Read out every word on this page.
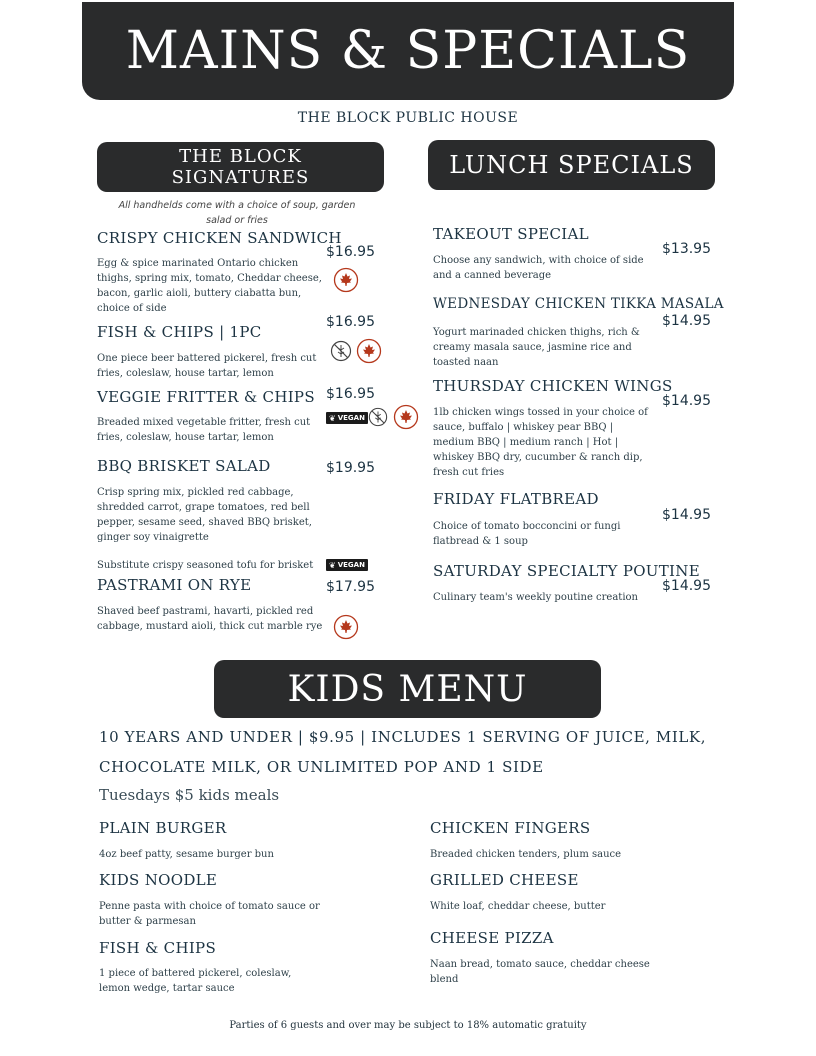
MAINS & SPECIALS
THE BLOCK PUBLIC HOUSE
THE BLOCK
SIGNATURES
All handhelds come with a choice of soup, garden salad or fries
LUNCH SPECIALS
CRISPY CHICKEN SANDWICH
$16.95
Egg & spice marinated Ontario chicken thighs, spring mix, tomato, Cheddar cheese, bacon, garlic aioli, buttery ciabatta bun, choice of side
FISH & CHIPS | 1PC
$16.95
One piece beer battered pickerel, fresh cut fries, coleslaw, house tartar, lemon
VEGGIE FRITTER & CHIPS $16.95
Breaded mixed vegetable fritter, fresh cut fries, coleslaw, house tartar, lemon
❦ VEGAN
BBQ BRISKET SALAD	$19.95
Crisp spring mix, pickled red cabbage, shredded carrot, grape tomatoes, red bell pepper, sesame seed, shaved BBQ brisket, ginger soy vinaigrette
Substitute crispy seasoned tofu for brisket	❦ VEGAN
PASTRAMI ON RYE	$17.95
Shaved beef pastrami, havarti, pickled red cabbage, mustard aioli, thick cut marble rye
TAKEOUT SPECIAL
$13.95
Choose any sandwich, with choice of side and a canned beverage
WEDNESDAY CHICKEN TIKKA MASALA
$14.95
Yogurt marinaded chicken thighs, rich & creamy masala sauce, jasmine rice and toasted naan
THURSDAY CHICKEN WINGS
$14.95
1lb chicken wings tossed in your choice of sauce, buffalo | whiskey pear BBQ | medium BBQ | medium ranch | Hot | whiskey BBQ dry, cucumber & ranch dip, fresh cut fries
FRIDAY FLATBREAD
$14.95
Choice of tomato bocconcini or fungi flatbread & 1 soup
SATURDAY SPECIALTY POUTINE
$14.95
Culinary team's weekly poutine creation
KIDS MENU
10 YEARS AND UNDER | $9.95 | INCLUDES 1 SERVING OF JUICE, MILK,
CHOCOLATE MILK, OR UNLIMITED POP AND 1 SIDE
Tuesdays $5 kids meals
PLAIN BURGER
4oz beef patty, sesame burger bun
KIDS NOODLE
Penne pasta with choice of tomato sauce or butter & parmesan
FISH & CHIPS
1 piece of battered pickerel, coleslaw, lemon wedge, tartar sauce
CHICKEN FINGERS
Breaded chicken tenders, plum sauce
GRILLED CHEESE
White loaf, cheddar cheese, butter
CHEESE PIZZA
Naan bread, tomato sauce, cheddar cheese blend
Parties of 6 guests and over may be subject to 18% automatic gratuity
